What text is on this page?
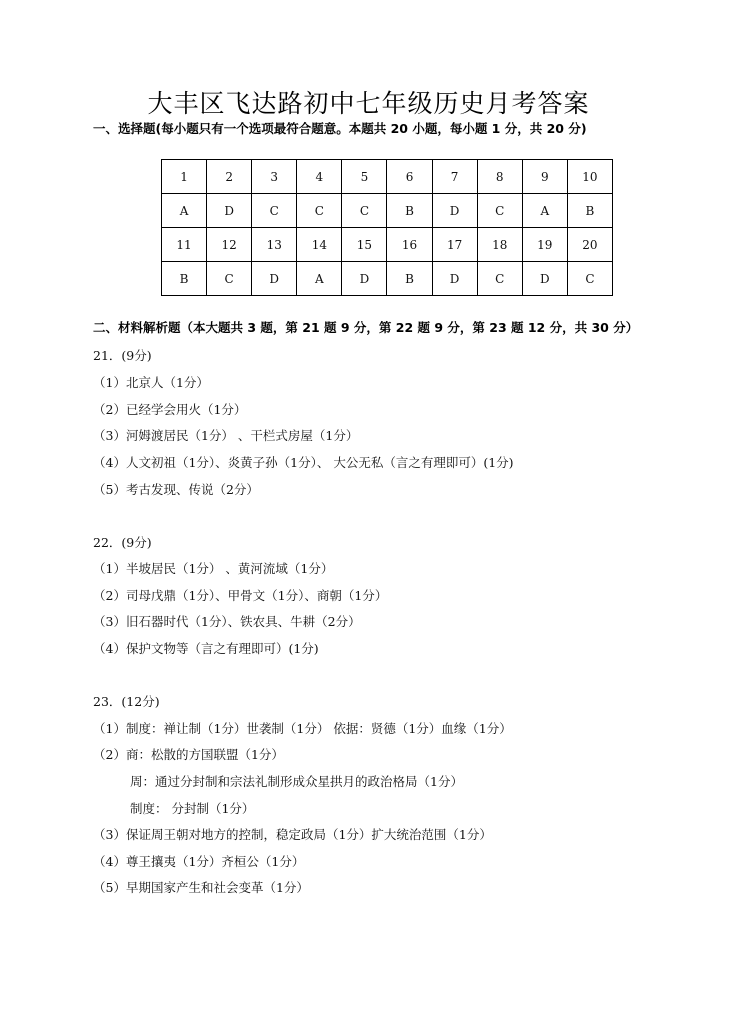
大丰区飞达路初中七年级历史月考答案
一、选择题(每小题只有一个选项最符合题意。本题共 20 小题，每小题 1 分，共 20 分)
1	2	3	4	5	6	7	8	9	10
A	D	C	C	C	B	D	C	A	B
11	12	13	14	15	16	17	18	19	20
B	C	D	A	D	B	D	C	D	C
二、材料解析题（本大题共 3 题，第 21 题 9 分，第 22 题 9 分，第 23 题 12 分，共 30 分）
21．(9分)
（1）北京人（1分）
（2）已经学会用火（1分）
（3）河姆渡居民（1分） 、干栏式房屋（1分）
（4）人文初祖（1分）、炎黄子孙（1分）、 大公无私（言之有理即可）(1分)
（5）考古发现、传说（2分）
22．(9分)
（1）半坡居民（1分） 、黄河流域（1分）
（2）司母戊鼎（1分）、甲骨文（1分）、商朝（1分）
（3）旧石器时代（1分）、铁农具、牛耕（2分）
（4）保护文物等（言之有理即可）(1分)
23．(12分)
（1）制度：禅让制（1分）世袭制（1分） 依据：贤德（1分）血缘（1分）
（2）商：松散的方国联盟（1分）
周：通过分封制和宗法礼制形成众星拱月的政治格局（1分）
制度： 分封制（1分）
（3）保证周王朝对地方的控制，稳定政局（1分）扩大统治范围（1分）
（4）尊王攘夷（1分）齐桓公（1分）
（5）早期国家产生和社会变革（1分）
